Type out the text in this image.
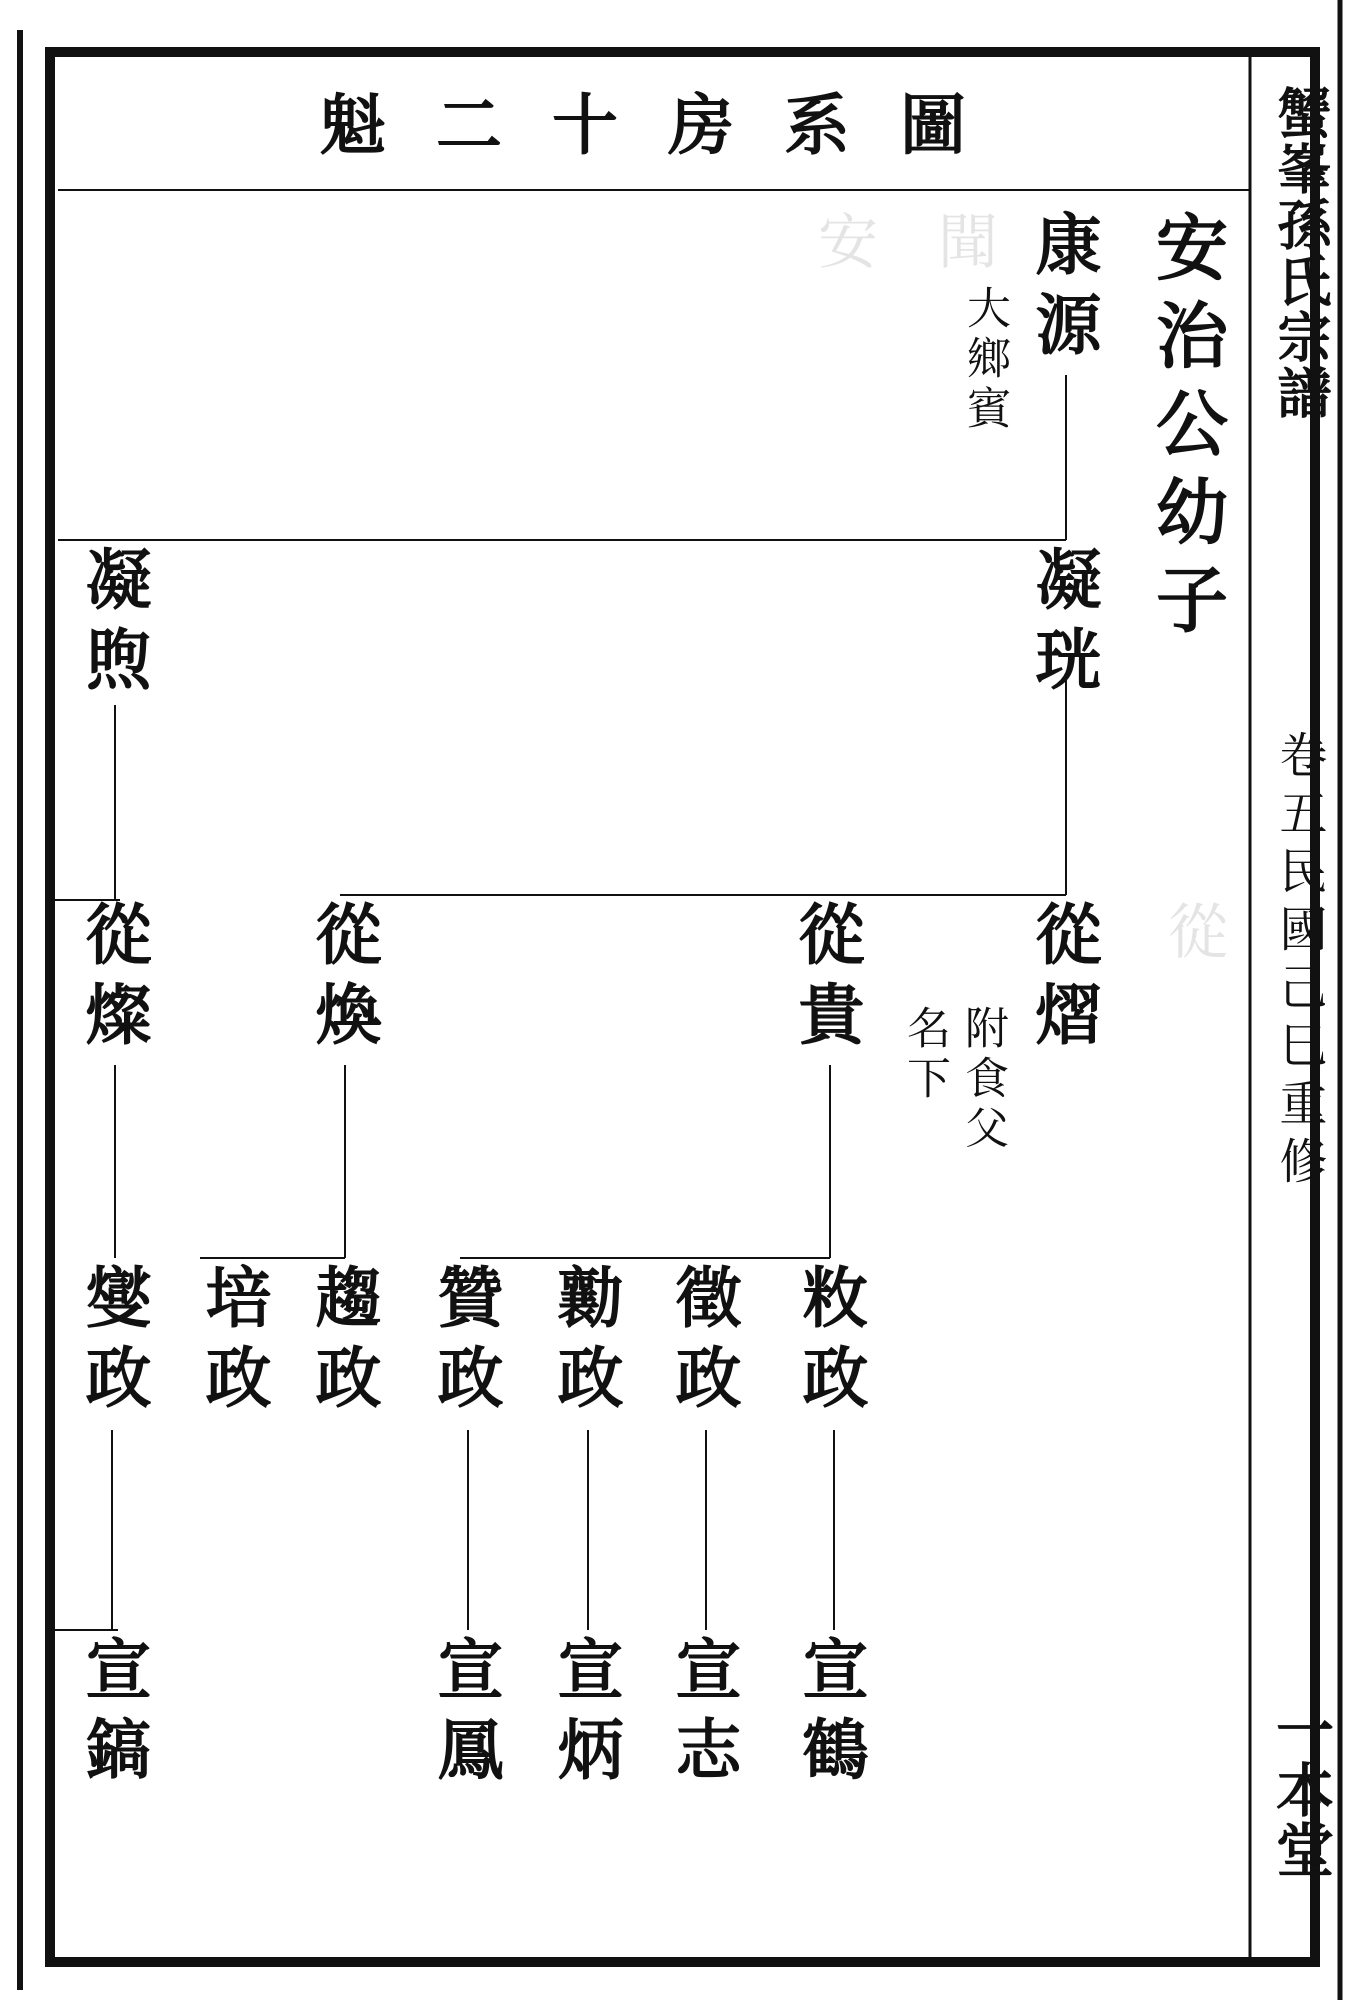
安 聞
從
魁二十房系圖	蟹峯孫氏宗譜
卷五民國己巳重修
一本堂
安治公幼子
康源
大鄉賓
凝珖
凝煦
從熠
從貴
附食父
名下
從煥
從燦
敉政
徵政
勷政
贊政
趨政
培政
燮政
宣鶴
宣志
宣炳
宣鳳
宣鎬
